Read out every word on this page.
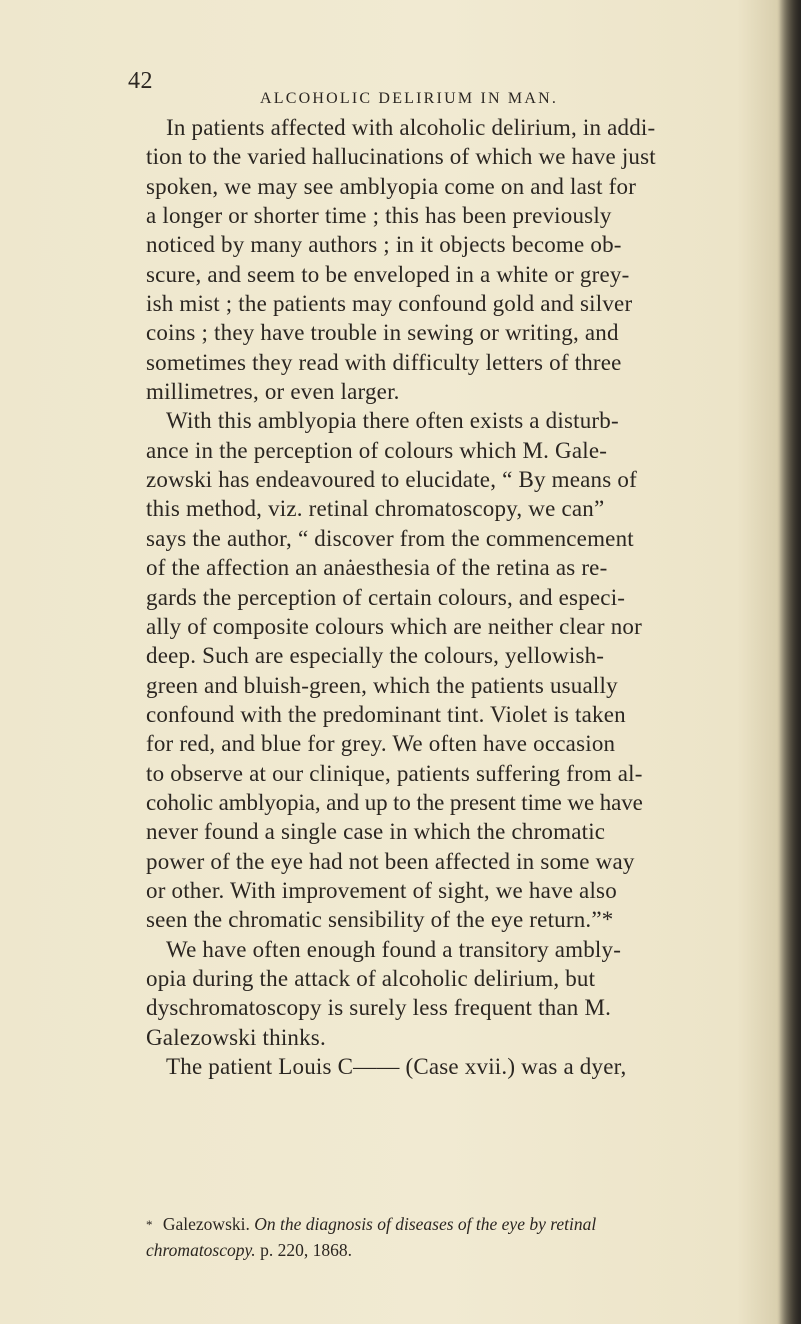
42
ALCOHOLIC DELIRIUM IN MAN.
In patients affected with alcoholic delirium, in addi-
tion to the varied hallucinations of which we have just
spoken, we may see amblyopia come on and last for
a longer or shorter time ; this has been previously
noticed by many authors ; in it objects become ob-
scure, and seem to be enveloped in a white or grey-
ish mist ; the patients may confound gold and silver
coins ; they have trouble in sewing or writing, and
sometimes they read with difficulty letters of three
millimetres, or even larger.
With this amblyopia there often exists a disturb-
ance in the perception of colours which M. Gale-
zowski has endeavoured to elucidate, “ By means of
this method, viz. retinal chromatoscopy, we can”
says the author, “ discover from the commencement
of the affection an anȧesthesia of the retina as re-
gards the perception of certain colours, and especi-
ally of composite colours which are neither clear nor
deep. Such are especially the colours, yellowish-
green and bluish-green, which the patients usually
confound with the predominant tint. Violet is taken
for red, and blue for grey. We often have occasion
to observe at our clinique, patients suffering from al-
coholic amblyopia, and up to the present time we have
never found a single case in which the chromatic
power of the eye had not been affected in some way
or other. With improvement of sight, we have also
seen the chromatic sensibility of the eye return.”*
We have often enough found a transitory ambly-
opia during the attack of alcoholic delirium, but
dyschromatoscopy is surely less frequent than M.
Galezowski thinks.
The patient Louis C—— (Case xvii.) was a dyer,
* Galezowski. On the diagnosis of diseases of the eye by retinal
chromatoscopy. p. 220, 1868.
